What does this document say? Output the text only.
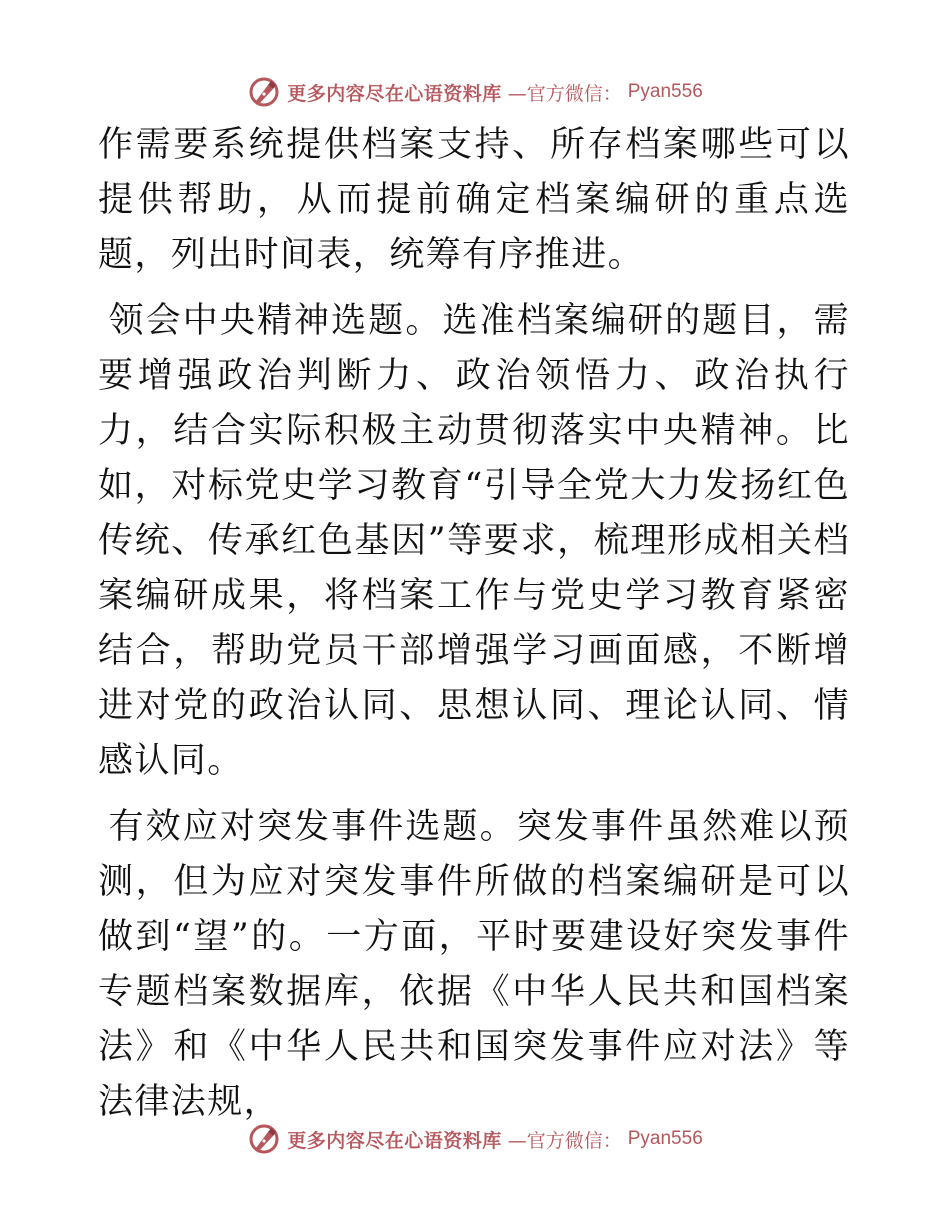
更多内容尽在心语资料库 —官方微信： Pyan556

作需要系统提供档案支持、所存档案哪些可以提供帮助，从而提前确定档案编研的重点选题，列出时间表，统筹有序推进。

领会中央精神选题。选准档案编研的题目，需要增强政治判断力、政治领悟力、政治执行力，结合实际积极主动贯彻落实中央精神。比如，对标党史学习教育“引导全党大力发扬红色传统、传承红色基因”等要求，梳理形成相关档案编研成果，将档案工作与党史学习教育紧密结合，帮助党员干部增强学习画面感，不断增进对党的政治认同、思想认同、理论认同、情感认同。

有效应对突发事件选题。突发事件虽然难以预测，但为应对突发事件所做的档案编研是可以做到“望”的。一方面，平时要建设好突发事件专题档案数据库，依据《中华人民共和国档案法》和《中华人民共和国突发事件应对法》等法律法规，

更多内容尽在心语资料库 —官方微信： Pyan556
